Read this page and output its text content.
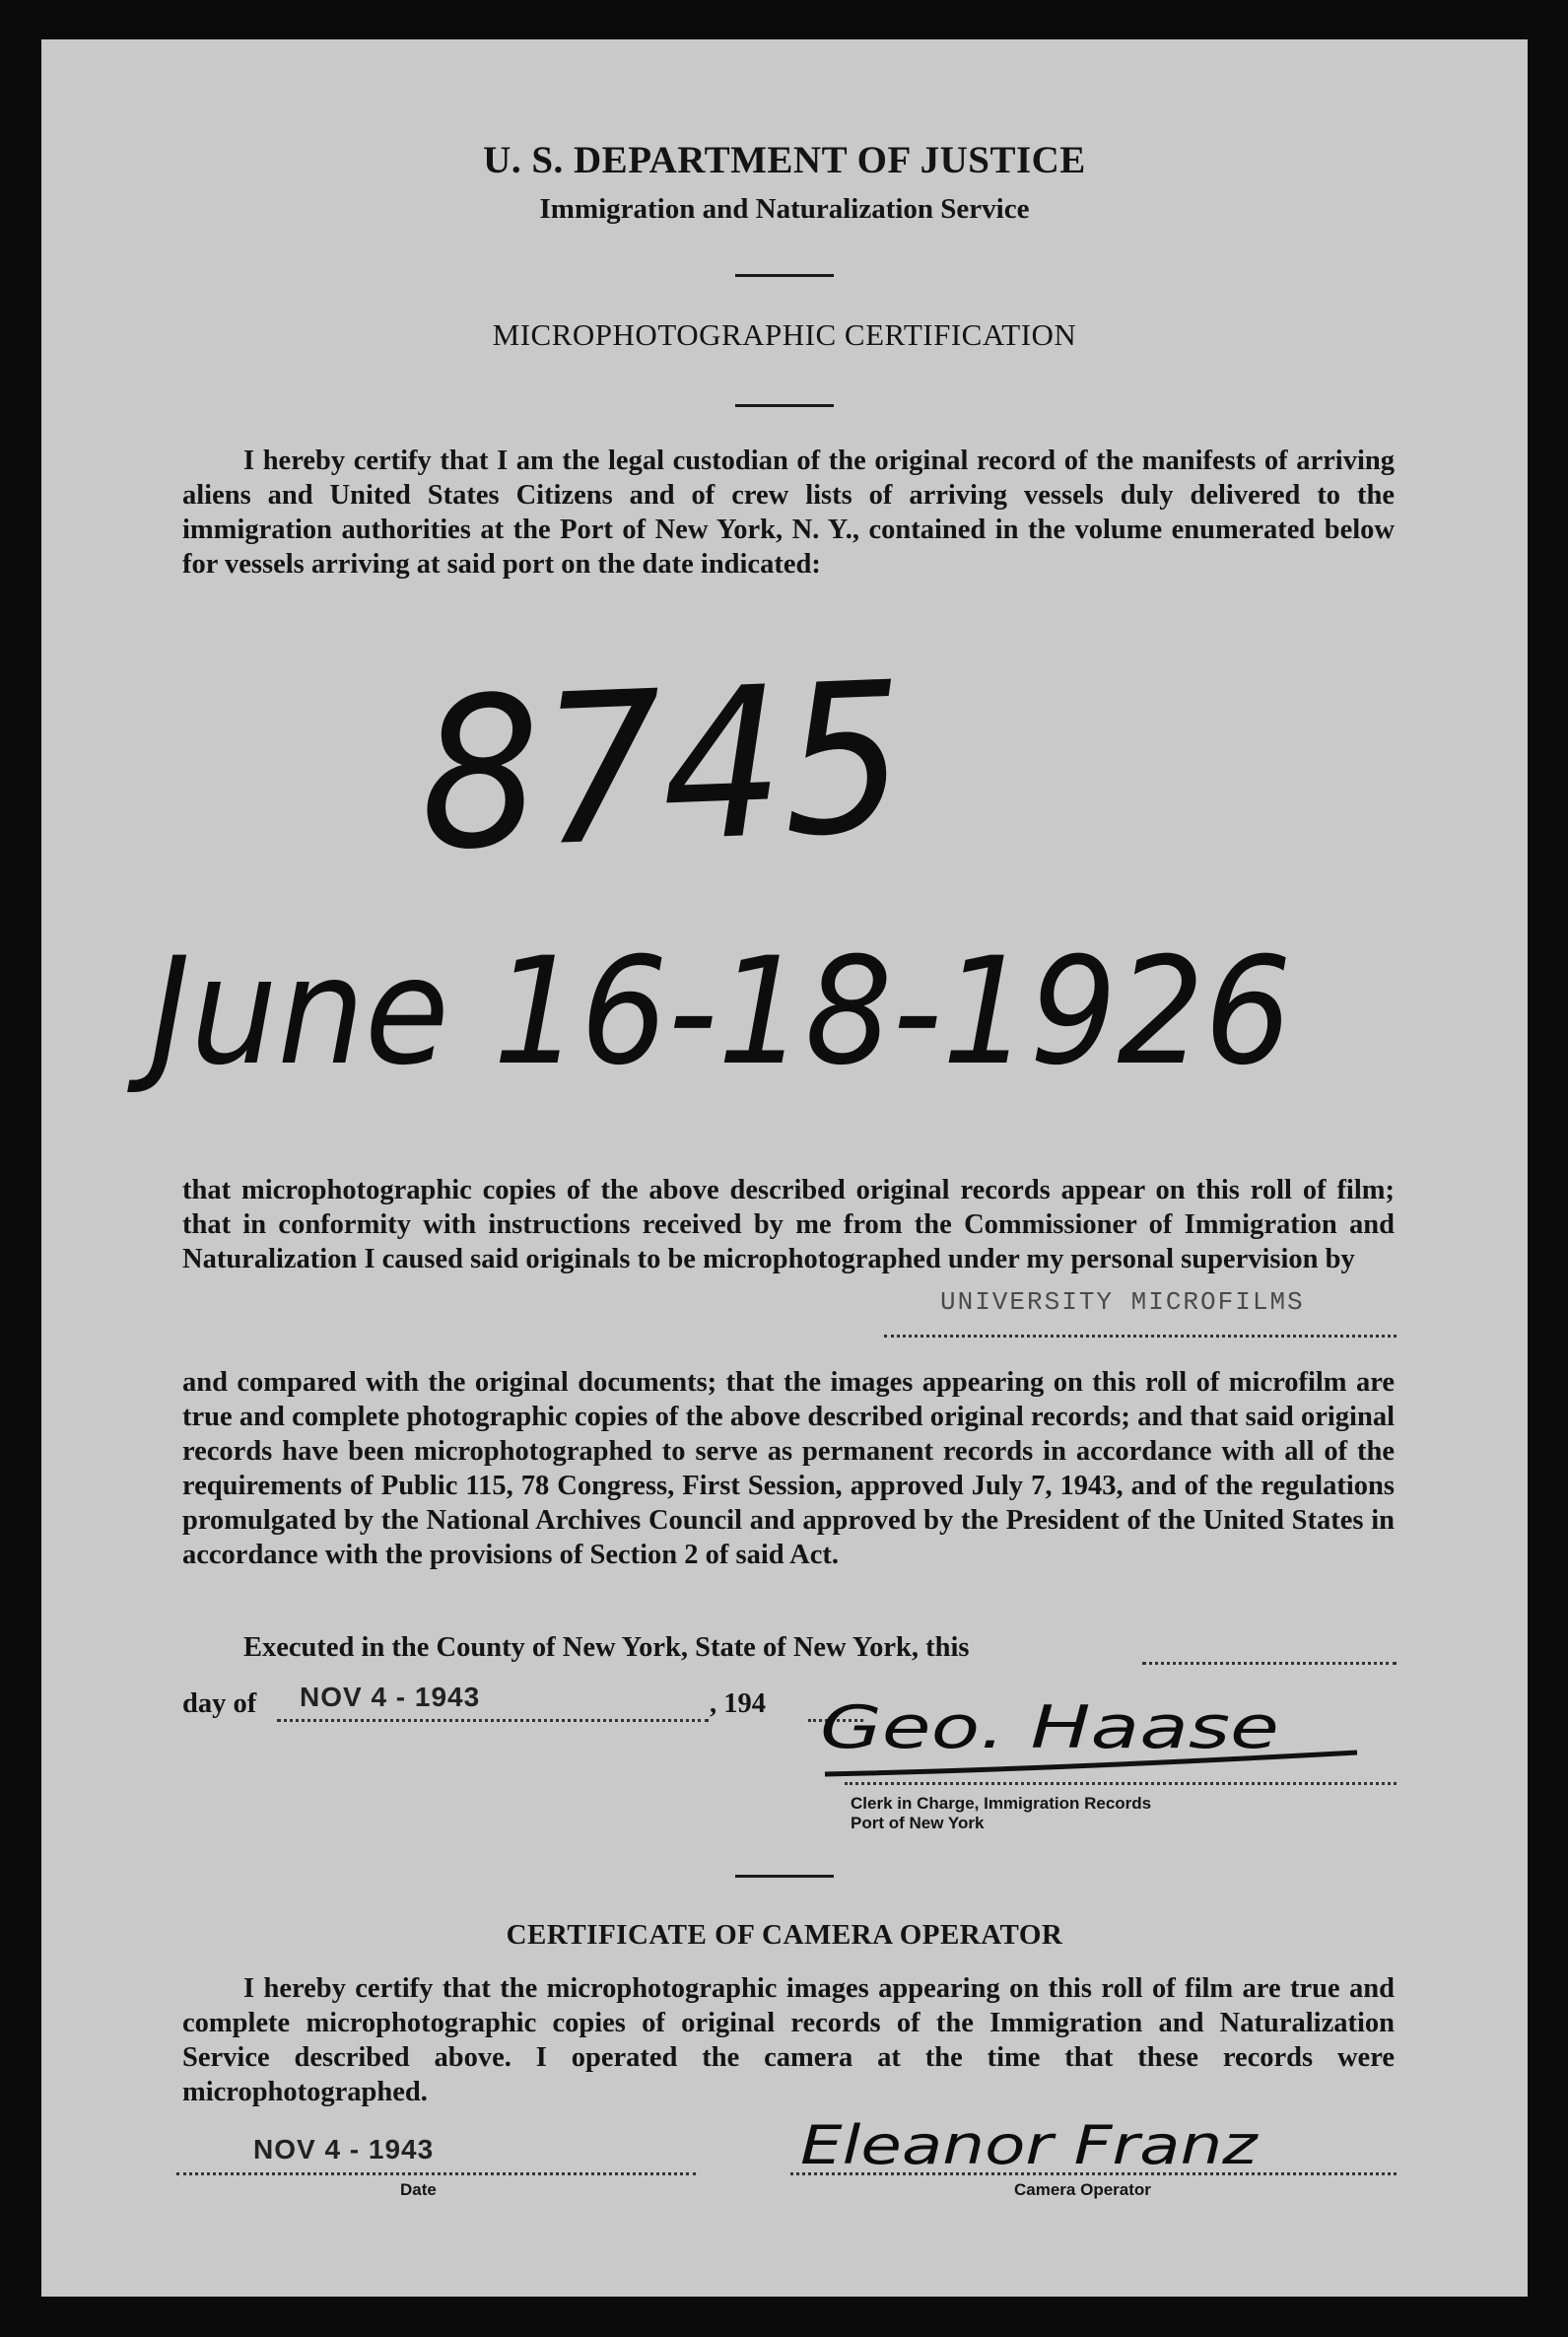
U. S. DEPARTMENT OF JUSTICE
Immigration and Naturalization Service
MICROPHOTOGRAPHIC CERTIFICATION
I hereby certify that I am the legal custodian of the original record of the manifests of arriving aliens and United States Citizens and of crew lists of arriving vessels duly delivered to the immigration authorities at the Port of New York, N. Y., contained in the volume enumerated below for vessels arriving at said port on the date indicated:
8745
June 16-18-1926
that microphotographic copies of the above described original records appear on this roll of film; that in conformity with instructions received by me from the Commissioner of Immigration and Naturalization I caused said originals to be microphotographed under my personal supervision by
UNIVERSITY MICROFILMS
and compared with the original documents; that the images appearing on this roll of microfilm are true and complete photographic copies of the above described original records; and that said original records have been microphotographed to serve as permanent records in accordance with all of the requirements of Public 115, 78 Congress, First Session, approved July 7, 1943, and of the regulations promulgated by the National Archives Council and approved by the President of the United States in accordance with the provisions of Section 2 of said Act.
Executed in the County of New York, State of New York, this
day of NOV 4 - 1943	, 194 Geo. Haase
Clerk in Charge, Immigration Records
Port of New York
CERTIFICATE OF CAMERA OPERATOR
I hereby certify that the microphotographic images appearing on this roll of film are true and complete microphotographic copies of original records of the Immigration and Naturalization Service described above. I operated the camera at the time that these records were microphotographed.
NOV 4 - 1943
Date
Eleanor Franz
Camera Operator
